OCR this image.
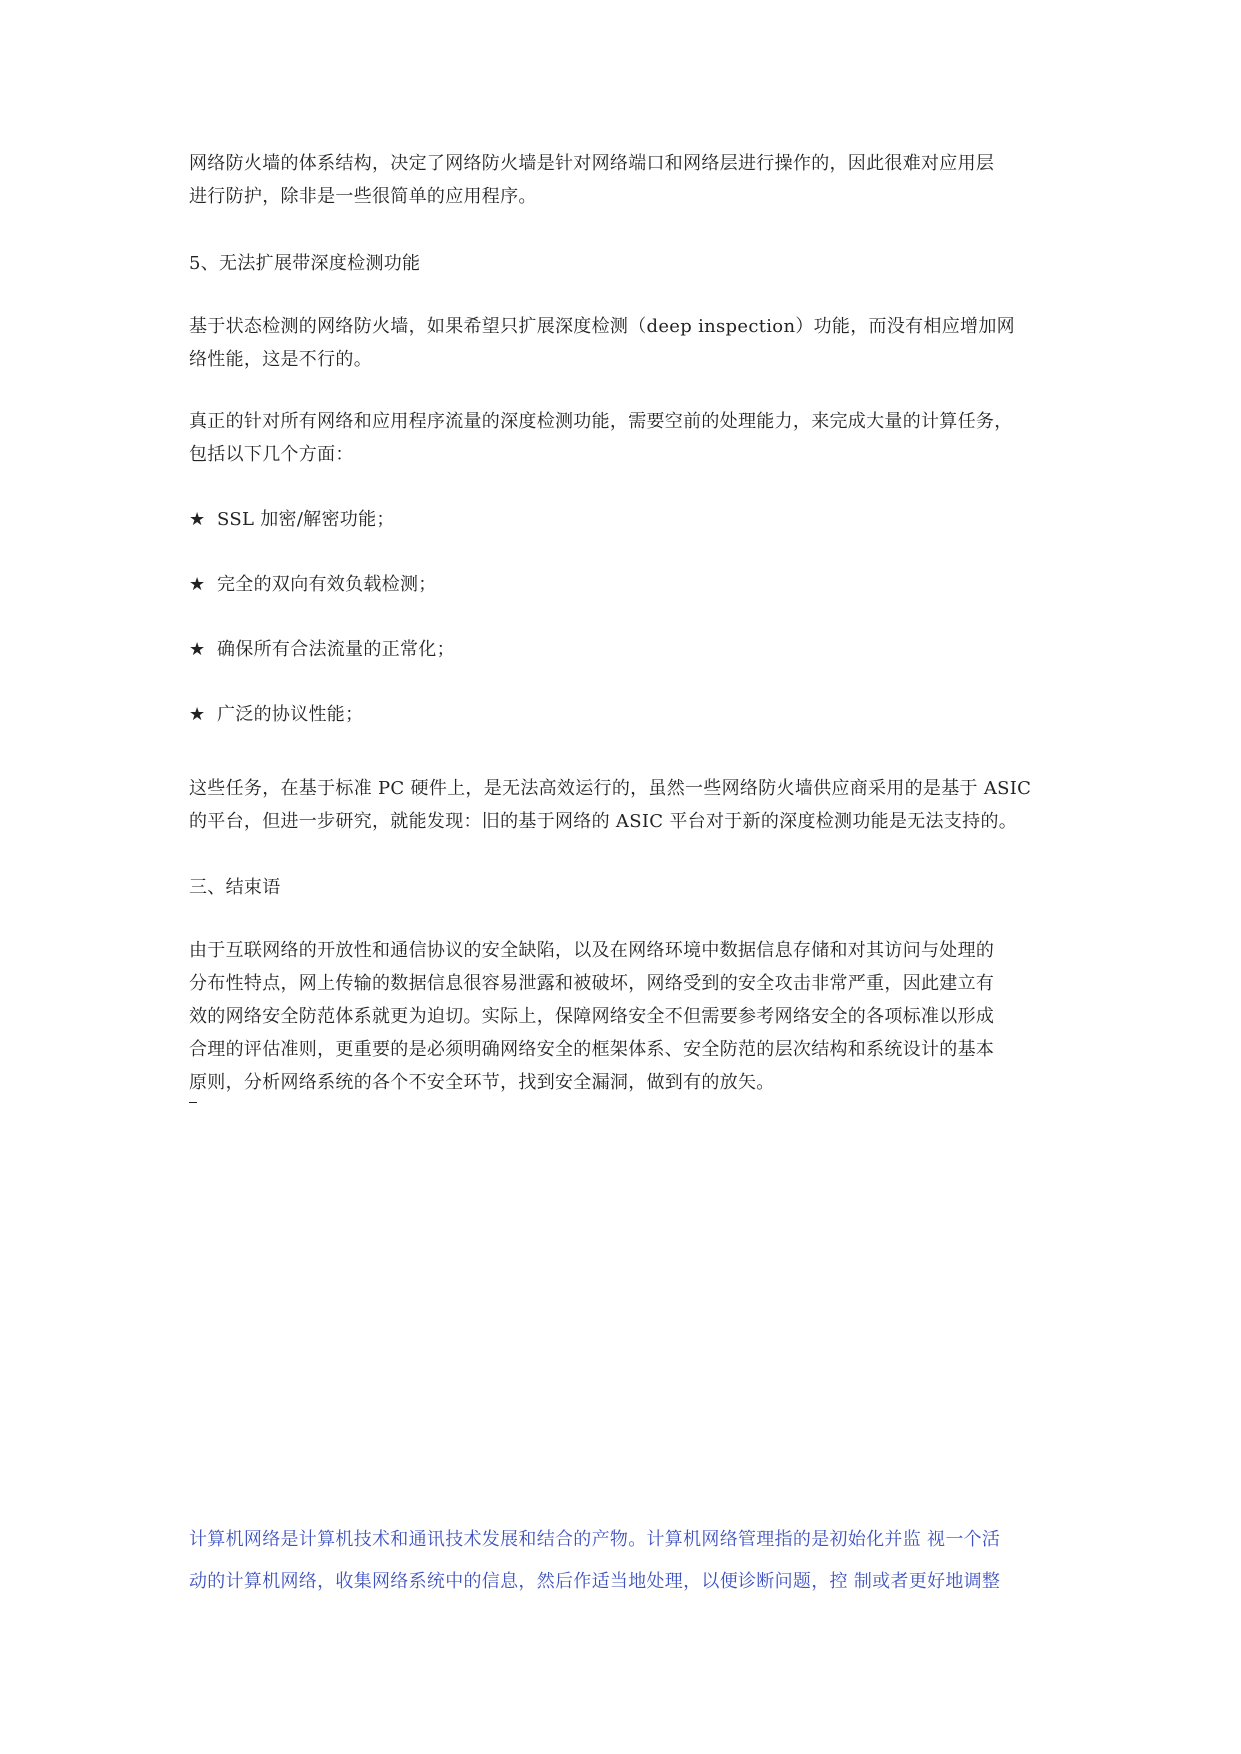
网络防火墙的体系结构，决定了网络防火墙是针对网络端口和网络层进行操作的，因此很难对应用层
进行防护，除非是一些很简单的应用程序。
5、无法扩展带深度检测功能
基于状态检测的网络防火墙，如果希望只扩展深度检测（deep inspection）功能，而没有相应增加网
络性能，这是不行的。
真正的针对所有网络和应用程序流量的深度检测功能，需要空前的处理能力，来完成大量的计算任务，
包括以下几个方面：
★ SSL 加密/解密功能；
★ 完全的双向有效负载检测；
★ 确保所有合法流量的正常化；
★ 广泛的协议性能；
这些任务，在基于标准 PC 硬件上，是无法高效运行的，虽然一些网络防火墙供应商采用的是基于 ASIC
的平台，但进一步研究，就能发现：旧的基于网络的 ASIC 平台对于新的深度检测功能是无法支持的。
三、结束语
由于互联网络的开放性和通信协议的安全缺陷，以及在网络环境中数据信息存储和对其访问与处理的
分布性特点，网上传输的数据信息很容易泄露和被破坏，网络受到的安全攻击非常严重，因此建立有
效的网络安全防范体系就更为迫切。实际上，保障网络安全不但需要参考网络安全的各项标准以形成
合理的评估准则，更重要的是必须明确网络安全的框架体系、安全防范的层次结构和系统设计的基本
原则，分析网络系统的各个不安全环节，找到安全漏洞，做到有的放矢。
计算机网络是计算机技术和通讯技术发展和结合的产物。计算机网络管理指的是初始化并监 视一个活
动的计算机网络，收集网络系统中的信息，然后作适当地处理，以便诊断问题，控 制或者更好地调整
